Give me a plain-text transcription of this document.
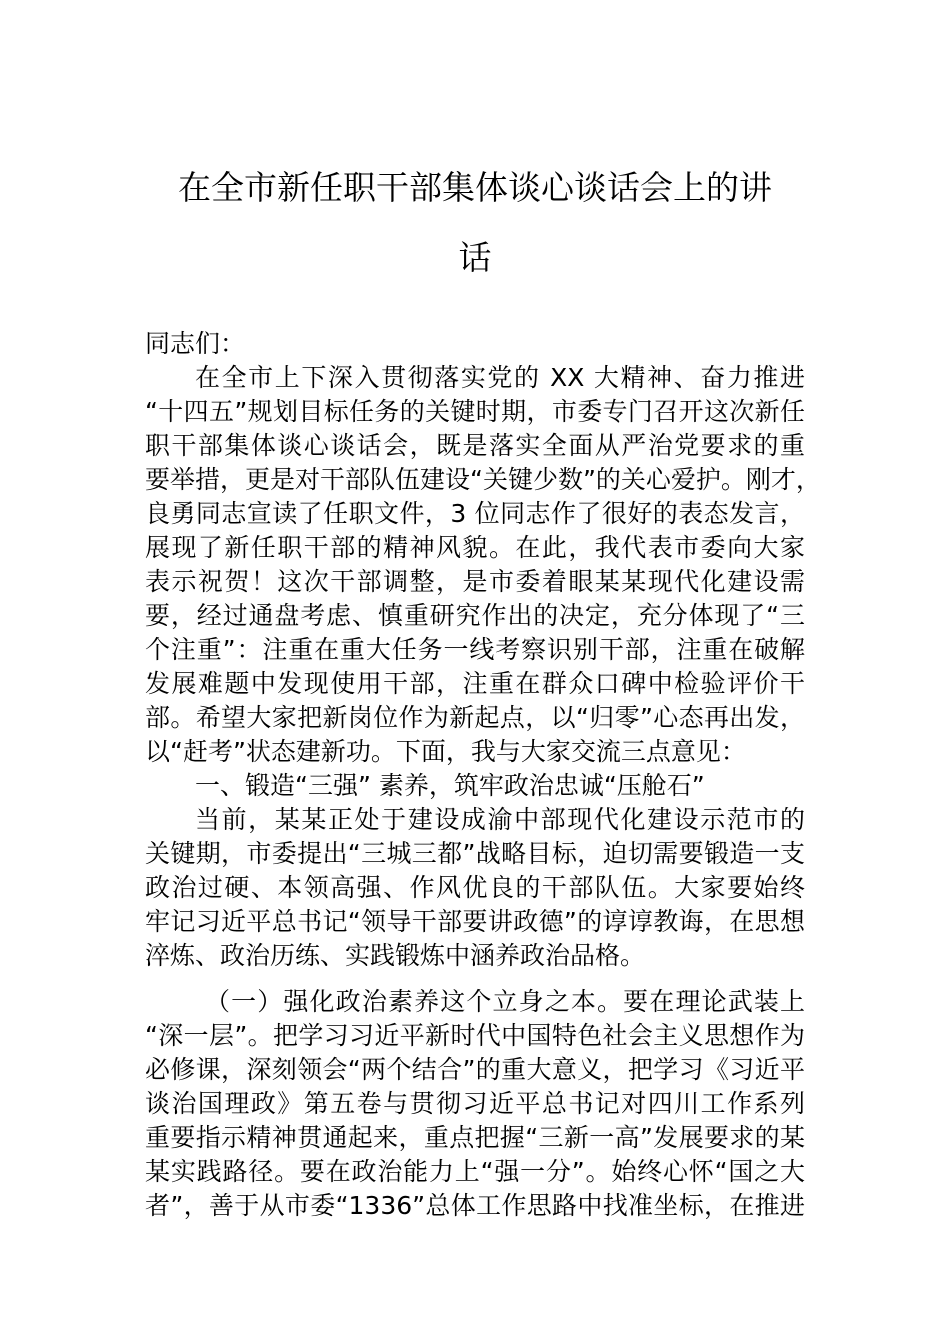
在全市新任职干部集体谈心谈话会上的讲
话
同志们：
在全市上下深入贯彻落实党的 XX 大精神、奋力推进
“十四五”规划目标任务的关键时期，市委专门召开这次新任
职干部集体谈心谈话会，既是落实全面从严治党要求的重
要举措，更是对干部队伍建设“关键少数”的关心爱护。刚才，
良勇同志宣读了任职文件，3 位同志作了很好的表态发言，
展现了新任职干部的精神风貌。在此，我代表市委向大家
表示祝贺！这次干部调整，是市委着眼某某现代化建设需
要，经过通盘考虑、慎重研究作出的决定，充分体现了“三
个注重”：注重在重大任务一线考察识别干部，注重在破解
发展难题中发现使用干部，注重在群众口碑中检验评价干
部。希望大家把新岗位作为新起点，以“归零”心态再出发，
以“赶考”状态建新功。下面，我与大家交流三点意见：
一、锻造“三强” 素养，筑牢政治忠诚“压舱石”
当前，某某正处于建设成渝中部现代化建设示范市的
关键期，市委提出“三城三都”战略目标，迫切需要锻造一支
政治过硬、本领高强、作风优良的干部队伍。大家要始终
牢记习近平总书记“领导干部要讲政德”的谆谆教诲，在思想
淬炼、政治历练、实践锻炼中涵养政治品格。
（一）强化政治素养这个立身之本。要在理论武装上
“深一层”。把学习习近平新时代中国特色社会主义思想作为
必修课，深刻领会“两个结合”的重大意义，把学习《习近平
谈治国理政》第五卷与贯彻习近平总书记对四川工作系列
重要指示精神贯通起来，重点把握“三新一高”发展要求的某
某实践路径。要在政治能力上“强一分”。始终心怀“国之大
者”，善于从市委“1336”总体工作思路中找准坐标，在推进
